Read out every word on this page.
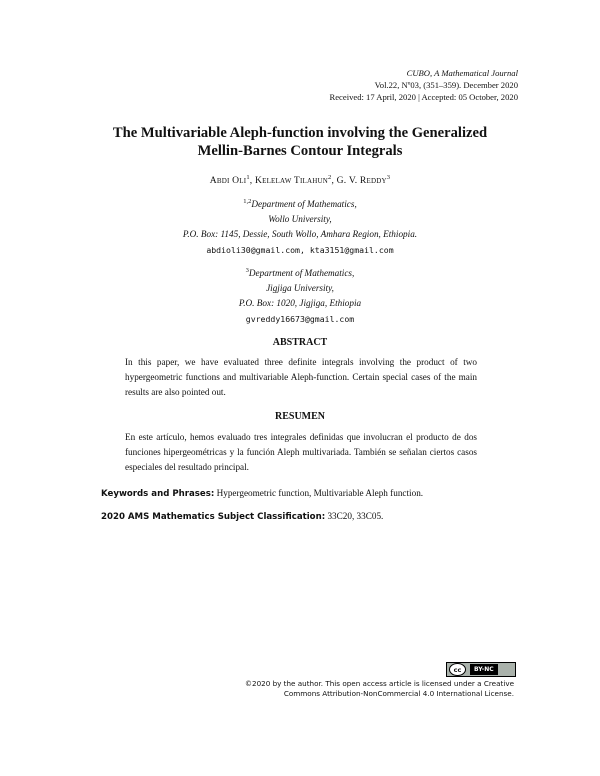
CUBO, A Mathematical Journal
Vol.22, Nº03, (351–359). December 2020
Received: 17 April, 2020 | Accepted: 05 October, 2020
The Multivariable Aleph-function involving the Generalized
Mellin-Barnes Contour Integrals
Abdi Oli$^1$, Kelelaw Tilahun$^2$, G. V. Reddy$^3$
$^{1,2}$Department of Mathematics,
Wollo University,
P.O. Box: 1145, Dessie, South Wollo, Amhara Region, Ethiopia.
abdioli30@gmail.com, kta3151@gmail.com
$^3$Department of Mathematics,
Jigjiga University,
P.O. Box: 1020, Jigjiga, Ethiopia
gvreddy16673@gmail.com
ABSTRACT
In this paper, we have evaluated three definite integrals involving the product of two hypergeometric functions and multivariable Aleph-function. Certain special cases of the main results are also pointed out.
RESUMEN
En este artículo, hemos evaluado tres integrales definidas que involucran el producto de dos funciones hipergeométricas y la función Aleph multivariada. También se señalan ciertos casos especiales del resultado principal.
Keywords and Phrases: Hypergeometric function, Multivariable Aleph function.
2020 AMS Mathematics Subject Classification: 33C20, 33C05.
cc	BY-NC
©2020 by the author. This open access article is licensed under a Creative
Commons Attribution-NonCommercial 4.0 International License.
